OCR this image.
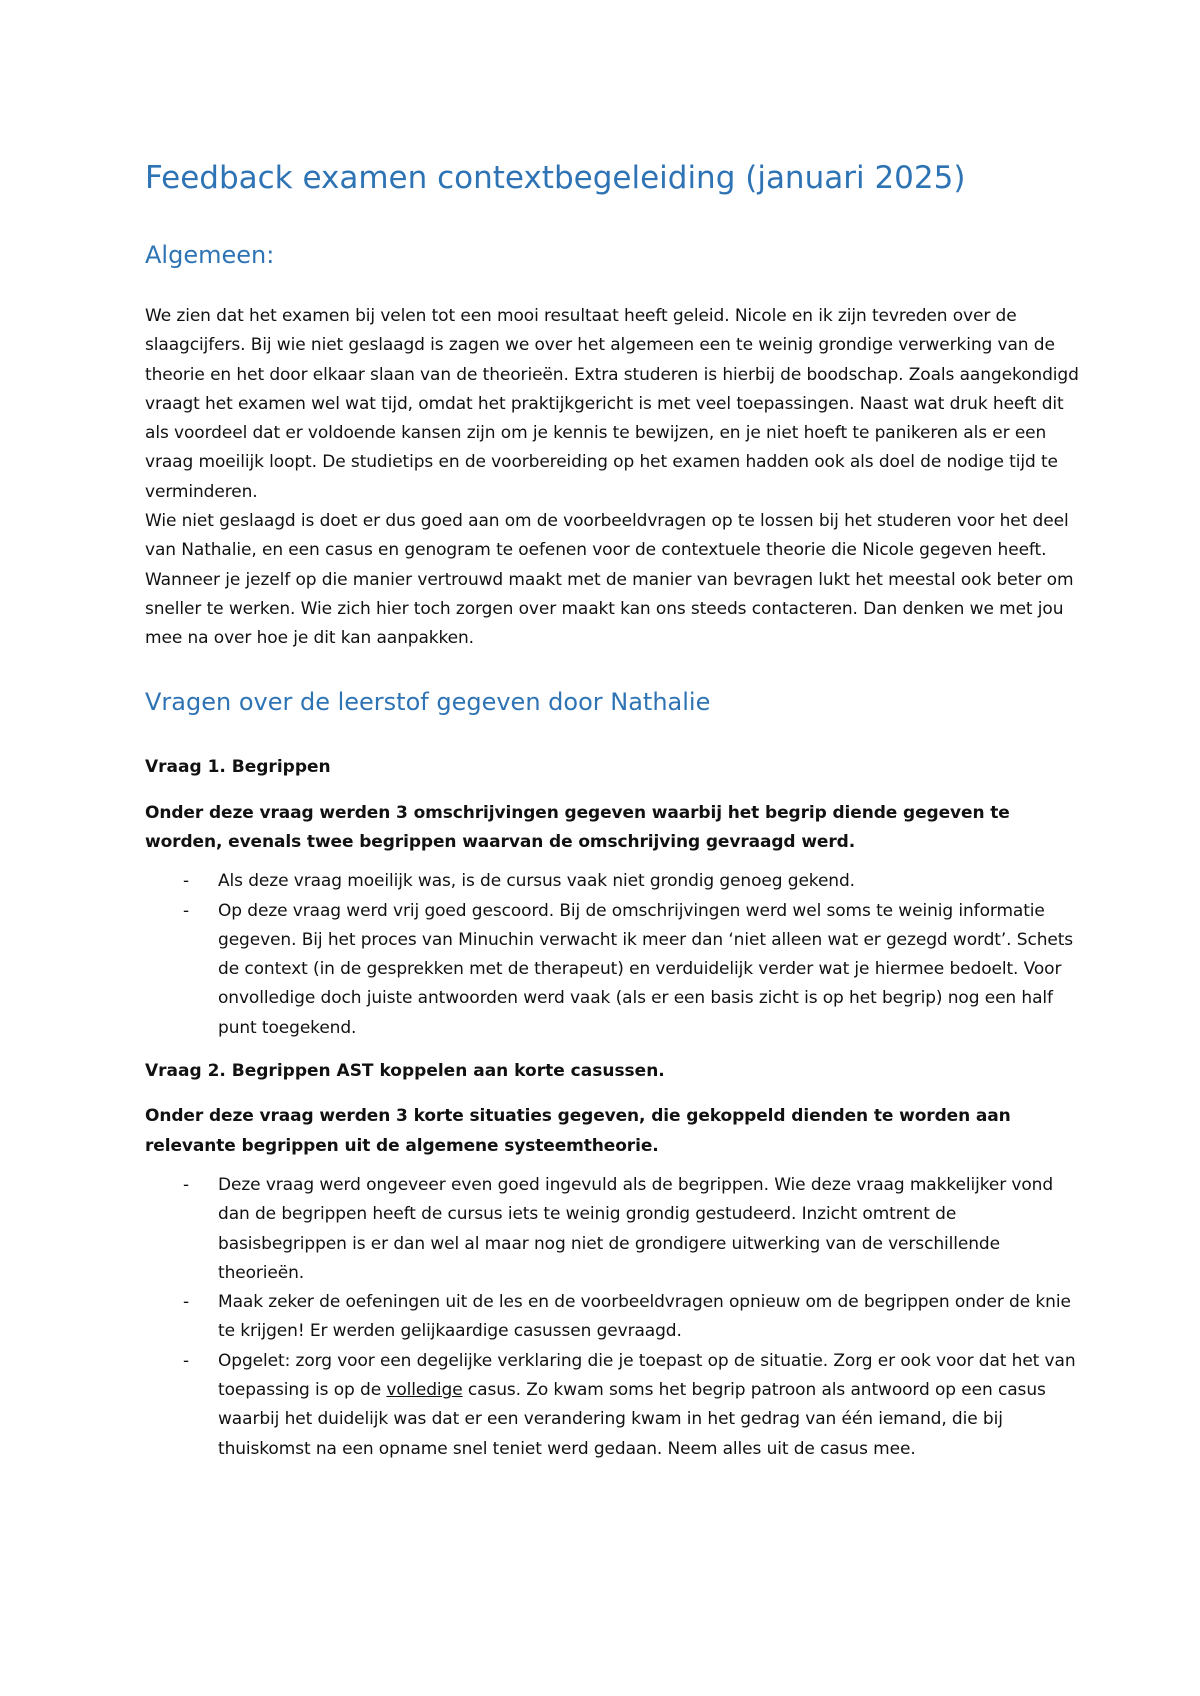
Feedback examen contextbegeleiding (januari 2025)
Algemeen:

We zien dat het examen bij velen tot een mooi resultaat heeft geleid. Nicole en ik zijn tevreden over de slaagcijfers. Bij wie niet geslaagd is zagen we over het algemeen een te weinig grondige verwerking van de theorie en het door elkaar slaan van de theorieën. Extra studeren is hierbij de boodschap. Zoals aangekondigd vraagt het examen wel wat tijd, omdat het praktijkgericht is met veel toepassingen. Naast wat druk heeft dit als voordeel dat er voldoende kansen zijn om je kennis te bewijzen, en je niet hoeft te panikeren als er een vraag moeilijk loopt. De studietips en de voorbereiding op het examen hadden ook als doel de nodige tijd te verminderen.

Wie niet geslaagd is doet er dus goed aan om de voorbeeldvragen op te lossen bij het studeren voor het deel van Nathalie, en een casus en genogram te oefenen voor de contextuele theorie die Nicole gegeven heeft. Wanneer je jezelf op die manier vertrouwd maakt met de manier van bevragen lukt het meestal ook beter om sneller te werken. Wie zich hier toch zorgen over maakt kan ons steeds contacteren. Dan denken we met jou mee na over hoe je dit kan aanpakken.

Vragen over de leerstof gegeven door Nathalie

Vraag 1. Begrippen

Onder deze vraag werden 3 omschrijvingen gegeven waarbij het begrip diende gegeven te worden, evenals twee begrippen waarvan de omschrijving gevraagd werd.

- Als deze vraag moeilijk was, is de cursus vaak niet grondig genoeg gekend.
- Op deze vraag werd vrij goed gescoord. Bij de omschrijvingen werd wel soms te weinig informatie gegeven. Bij het proces van Minuchin verwacht ik meer dan ‘niet alleen wat er gezegd wordt’. Schets de context (in de gesprekken met de therapeut) en verduidelijk verder wat je hiermee bedoelt. Voor onvolledige doch juiste antwoorden werd vaak (als er een basis zicht is op het begrip) nog een half punt toegekend.

Vraag 2. Begrippen AST koppelen aan korte casussen.

Onder deze vraag werden 3 korte situaties gegeven, die gekoppeld dienden te worden aan relevante begrippen uit de algemene systeemtheorie.

- Deze vraag werd ongeveer even goed ingevuld als de begrippen. Wie deze vraag makkelijker vond dan de begrippen heeft de cursus iets te weinig grondig gestudeerd. Inzicht omtrent de basisbegrippen is er dan wel al maar nog niet de grondigere uitwerking van de verschillende theorieën.
- Maak zeker de oefeningen uit de les en de voorbeeldvragen opnieuw om de begrippen onder de knie te krijgen! Er werden gelijkaardige casussen gevraagd.
- Opgelet: zorg voor een degelijke verklaring die je toepast op de situatie. Zorg er ook voor dat het van toepassing is op de volledige casus. Zo kwam soms het begrip patroon als antwoord op een casus waarbij het duidelijk was dat er een verandering kwam in het gedrag van één iemand, die bij thuiskomst na een opname snel teniet werd gedaan. Neem alles uit de casus mee.
